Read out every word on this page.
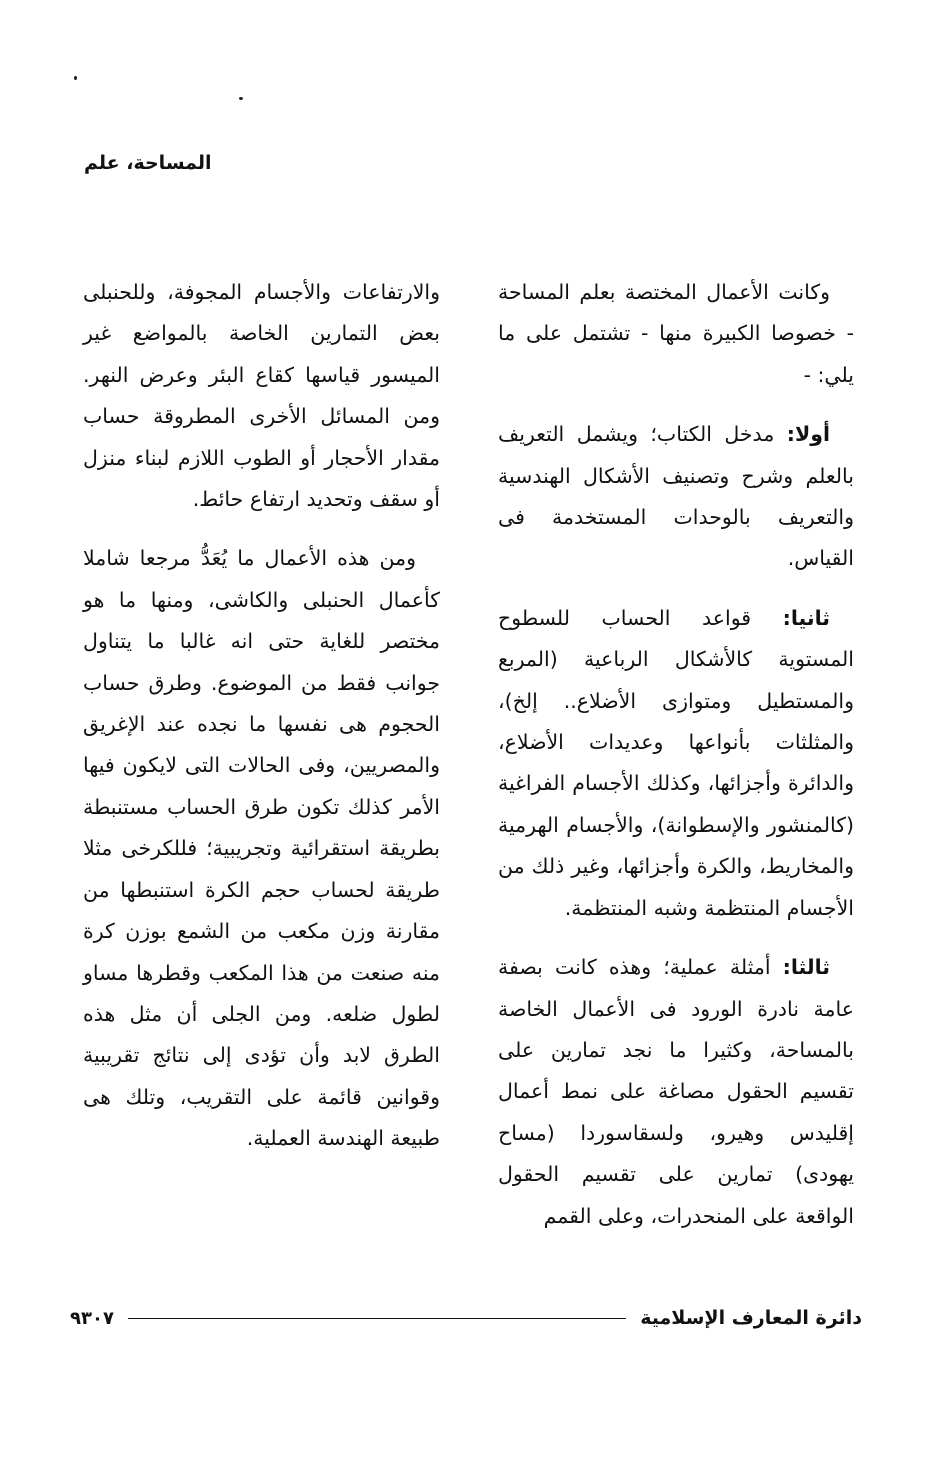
المساحة، علم

وكانت الأعمال المختصة بعلم المساحة - خصوصا الكبيرة منها - تشتمل على ما يلي: -

أولا: مدخل الكتاب؛ ويشمل التعريف بالعلم وشرح وتصنيف الأشكال الهندسية والتعريف بالوحدات المستخدمة فى القياس.

ثانيا: قواعد الحساب للسطوح المستوية كالأشكال الرباعية (المربع والمستطيل ومتوازى الأضلاع.. إلخ)، والمثلثات بأنواعها وعديدات الأضلاع، والدائرة وأجزائها، وكذلك الأجسام الفراغية (كالمنشور والإسطوانة)، والأجسام الهرمية والمخاريط، والكرة وأجزائها، وغير ذلك من الأجسام المنتظمة وشبه المنتظمة.

ثالثا: أمثلة عملية؛ وهذه كانت بصفة عامة نادرة الورود فى الأعمال الخاصة بالمساحة، وكثيرا ما نجد تمارين على تقسيم الحقول مصاغة على نمط أعمال إقليدس وهيرو، ولسقاسوردا (مساح يهودى) تمارين على تقسيم الحقول الواقعة على المنحدرات، وعلى القمم

والارتفاعات والأجسام المجوفة، وللحنبلى بعض التمارين الخاصة بالمواضع غير الميسور قياسها كقاع البئر وعرض النهر. ومن المسائل الأخرى المطروقة حساب مقدار الأحجار أو الطوب اللازم لبناء منزل أو سقف وتحديد ارتفاع حائط.

ومن هذه الأعمال ما يُعَدُّ مرجعا شاملا كأعمال الحنبلى والكاشى، ومنها ما هو مختصر للغاية حتى انه غالبا ما يتناول جوانب فقط من الموضوع. وطرق حساب الحجوم هى نفسها ما نجده عند الإغريق والمصريين، وفى الحالات التى لايكون فيها الأمر كذلك تكون طرق الحساب مستنبطة بطريقة استقرائية وتجريبية؛ فللكرخى مثلا طريقة لحساب حجم الكرة استنبطها من مقارنة وزن مكعب من الشمع بوزن كرة منه صنعت من هذا المكعب وقطرها مساو لطول ضلعه. ومن الجلى أن مثل هذه الطرق لابد وأن تؤدى إلى نتائج تقريبية وقوانين قائمة على التقريب، وتلك هى طبيعة الهندسة العملية.

دائرة المعارف الإسلامية
٩٣٠٧
